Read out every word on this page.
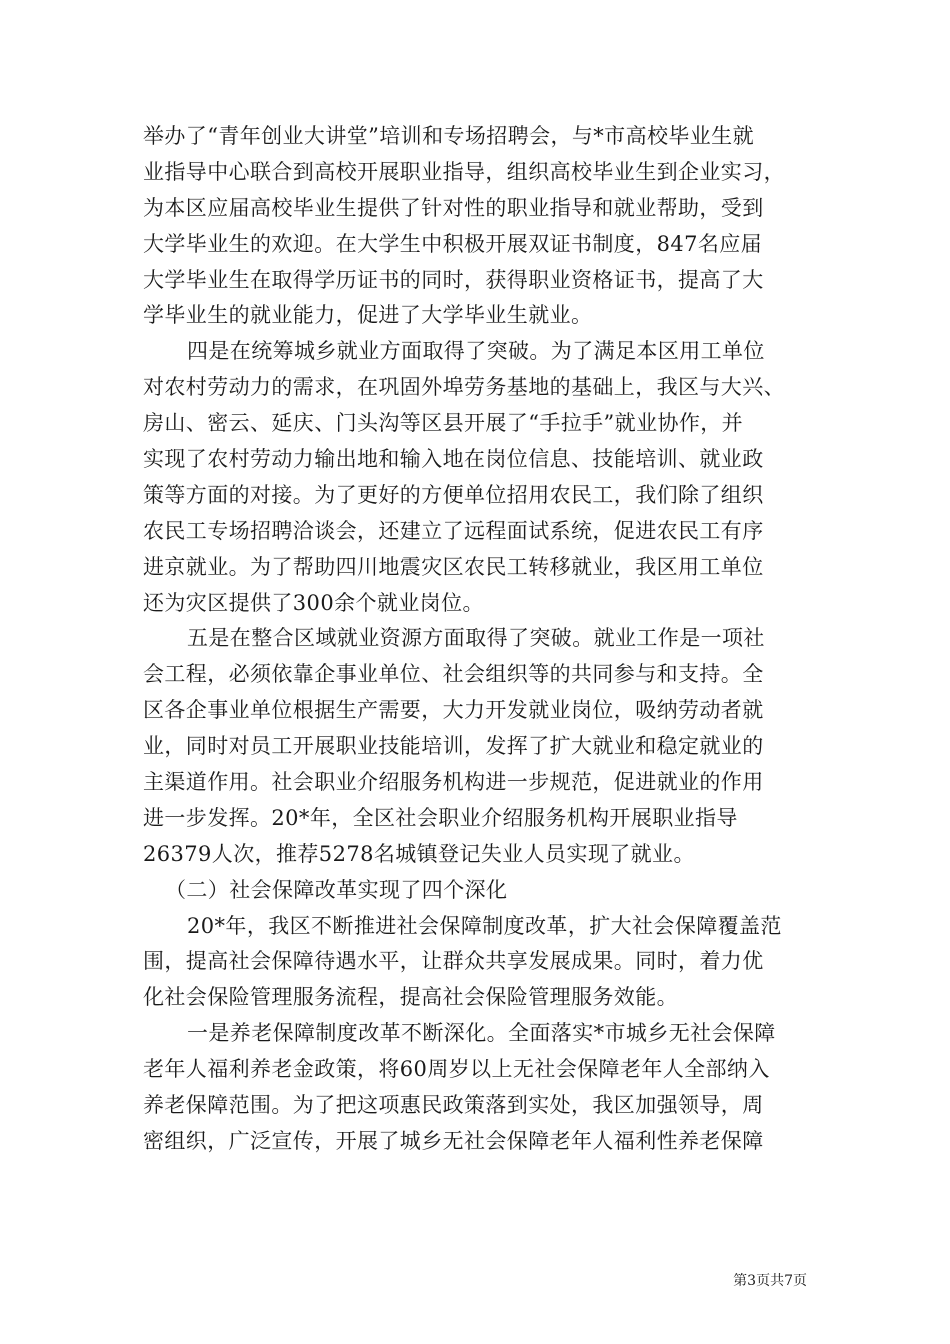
举办了“青年创业大讲堂”培训和专场招聘会，与*市高校毕业生就
业指导中心联合到高校开展职业指导，组织高校毕业生到企业实习，
为本区应届高校毕业生提供了针对性的职业指导和就业帮助，受到
大学毕业生的欢迎。在大学生中积极开展双证书制度，847名应届
大学毕业生在取得学历证书的同时，获得职业资格证书，提高了大
学毕业生的就业能力，促进了大学毕业生就业。
四是在统筹城乡就业方面取得了突破。为了满足本区用工单位
对农村劳动力的需求，在巩固外埠劳务基地的基础上，我区与大兴、
房山、密云、延庆、门头沟等区县开展了“手拉手”就业协作，并
实现了农村劳动力输出地和输入地在岗位信息、技能培训、就业政
策等方面的对接。为了更好的方便单位招用农民工，我们除了组织
农民工专场招聘洽谈会，还建立了远程面试系统，促进农民工有序
进京就业。为了帮助四川地震灾区农民工转移就业，我区用工单位
还为灾区提供了300余个就业岗位。
五是在整合区域就业资源方面取得了突破。就业工作是一项社
会工程，必须依靠企事业单位、社会组织等的共同参与和支持。全
区各企事业单位根据生产需要，大力开发就业岗位，吸纳劳动者就
业，同时对员工开展职业技能培训，发挥了扩大就业和稳定就业的
主渠道作用。社会职业介绍服务机构进一步规范，促进就业的作用
进一步发挥。20*年，全区社会职业介绍服务机构开展职业指导
26379人次，推荐5278名城镇登记失业人员实现了就业。
（二）社会保障改革实现了四个深化
20*年，我区不断推进社会保障制度改革，扩大社会保障覆盖范
围，提高社会保障待遇水平，让群众共享发展成果。同时，着力优
化社会保险管理服务流程，提高社会保险管理服务效能。
一是养老保障制度改革不断深化。全面落实*市城乡无社会保障
老年人福利养老金政策，将60周岁以上无社会保障老年人全部纳入
养老保障范围。为了把这项惠民政策落到实处，我区加强领导，周
密组织，广泛宣传，开展了城乡无社会保障老年人福利性养老保障
第3页共7页
